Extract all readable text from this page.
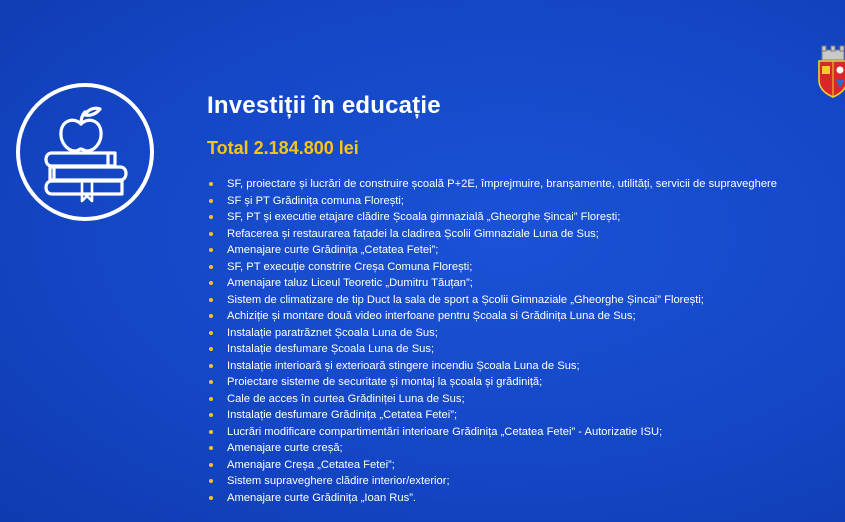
Investiții în educație
Total 2.184.800 lei
SF, proiectare și lucrări de construire școală P+2E, împrejmuire, branșamente, utilități, servicii de supraveghere
SF și PT Grădinița comuna Florești;
SF, PT și executie etajare clădire Școala gimnazială „Gheorghe Șincai” Florești;
Refacerea și restaurarea fațadei la cladirea Școlii Gimnaziale Luna de Sus;
Amenajare curte Grădinița „Cetatea Fetei”;
SF, PT execuție constrire Creșa Comuna Florești;
Amenajare taluz Liceul Teoretic „Dumitru Tăuțan”;
Sistem de climatizare de tip Duct la sala de sport a Școlii Gimnaziale „Gheorghe Șincai” Florești;
Achiziție și montare două video interfoane pentru Școala si Grădinița Luna de Sus;
Instalație paratrăznet Școala Luna de Sus;
Instalație desfumare Școala Luna de Sus;
Instalație interioară și exterioară stingere incendiu Școala Luna de Sus;
Proiectare sisteme de securitate și montaj la școala și grădiniță;
Cale de acces în curtea Grădiniței Luna de Sus;
Instalație desfumare Grădinița „Cetatea Fetei”;
Lucrări modificare compartimentări interioare Grădinița „Cetatea Fetei” - Autorizatie ISU;
Amenajare curte creșă;
Amenajare Creșa „Cetatea Fetei”;
Sistem supraveghere clădire interior/exterior;
Amenajare curte Grădinița „Ioan Rus”.
